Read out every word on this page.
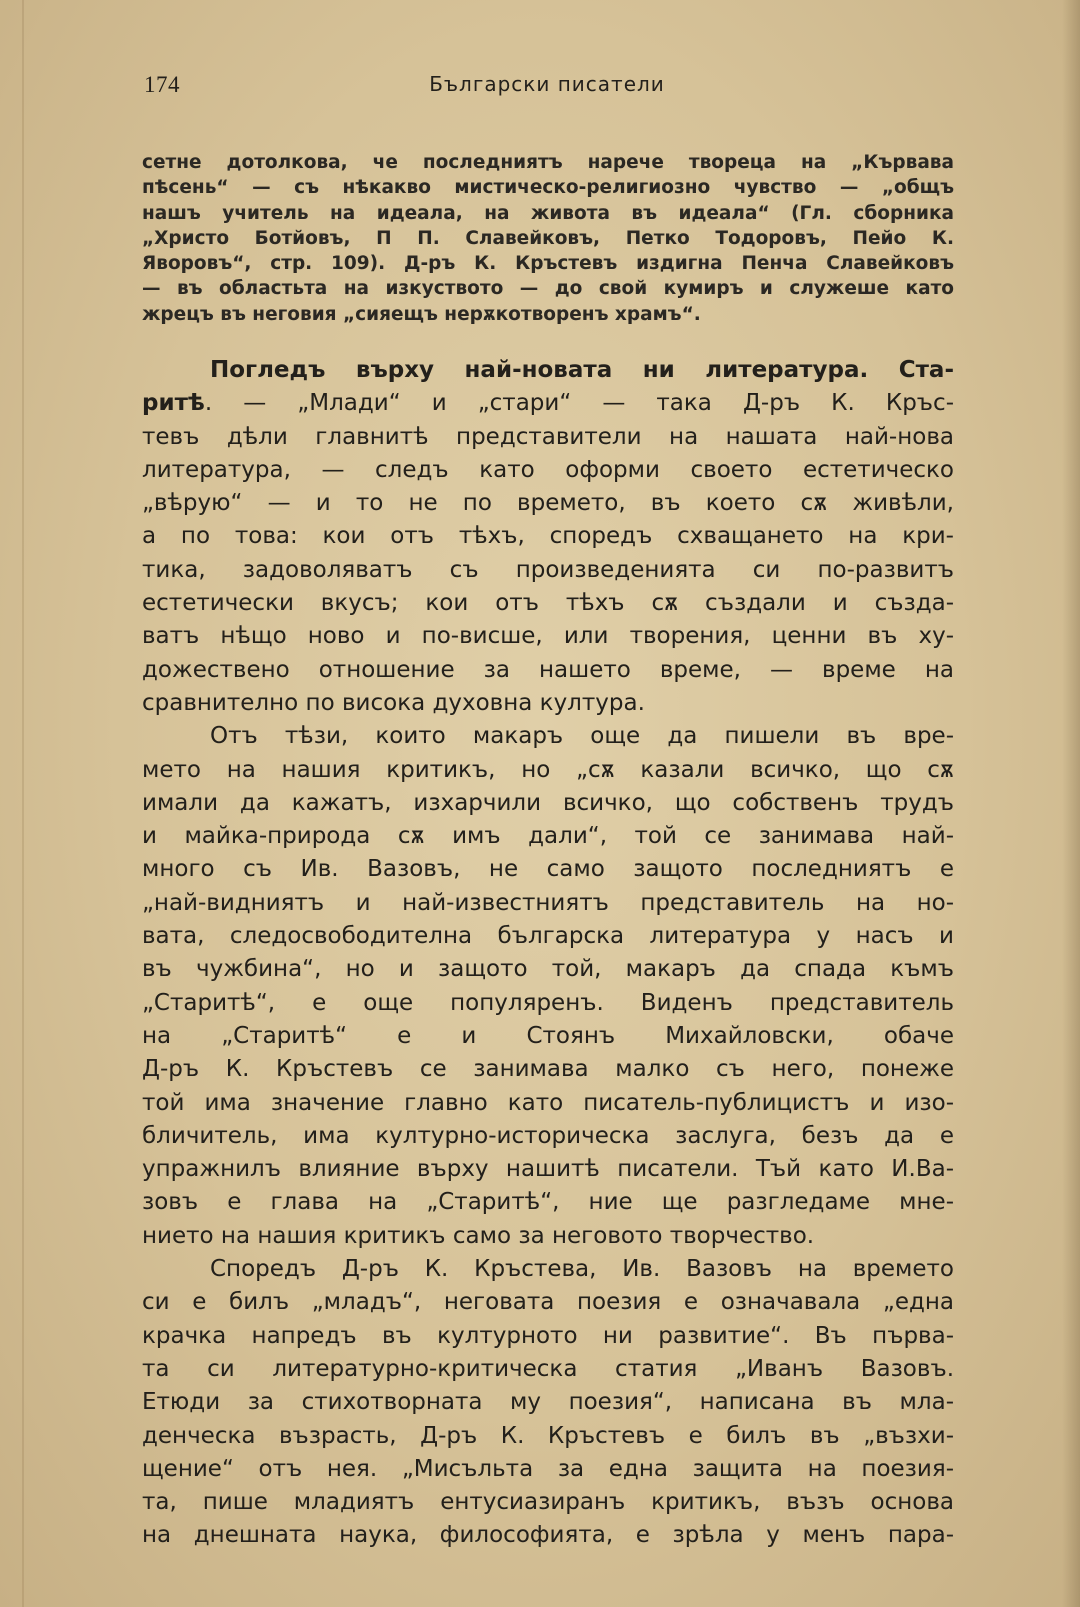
174	Български писатели
сетне дотолкова, че последниятъ нарече твореца на „Кървава
пѣсень“ — съ нѣкакво мистическо-религиозно чувство — „общъ
нашъ учитель на идеала, на живота въ идеала“ (Гл. сборника
„Христо Ботйовъ, П П. Славейковъ, Петко Тодоровъ, Пейо К.
Яворовъ“, стр. 109). Д-ръ К. Кръстевъ издигна Пенча Славейковъ
— въ областьта на изкуството — до свой кумиръ и служеше като
жрецъ въ неговия „сияещъ нерѫкотворенъ храмъ“.
Погледъ върху най-новата ни литература. Ста-
ритѣ. — „Млади“ и „стари“ — така Д-ръ К. Кръс-
тевъ дѣли главнитѣ представители на нашата най-нова
литература, — следъ като оформи своето естетическо
„вѣрую“ — и то не по времето, въ което сѫ живѣли,
а по това: кои отъ тѣхъ, споредъ схващането на кри-
тика, задоволяватъ съ произведенията си по-развитъ
естетически вкусъ; кои отъ тѣхъ сѫ създали и създа-
ватъ нѣщо ново и по-висше, или творения, ценни въ ху-
дожествено отношение за нашето време, — време на
сравнително по висока духовна култура.
Отъ тѣзи, които макаръ още да пишели въ вре-
мето на нашия критикъ, но „сѫ казали всичко, що сѫ
имали да кажатъ, изхарчили всичко, що собственъ трудъ
и майка-природа сѫ имъ дали“, той се занимава най-
много съ Ив. Вазовъ, не само защото последниятъ е
„най-видниятъ и най-известниятъ представитель на но-
вата, следосвободителна българска литература у насъ и
въ чужбина“, но и защото той, макаръ да спада къмъ
„Старитѣ“, е още популяренъ. Виденъ представитель
на „Старитѣ“ е и Стоянъ Михайловски, обаче
Д-ръ К. Кръстевъ се занимава малко съ него, понеже
той има значение главно като писатель-публицистъ и изо-
бличитель, има културно-историческа заслуга, безъ да е
упражнилъ влияние върху нашитѣ писатели. Тъй като И.Ва-
зовъ е глава на „Старитѣ“, ние ще разгледаме мне-
нието на нашия критикъ само за неговото творчество.
Споредъ Д-ръ К. Кръстева, Ив. Вазовъ на времето
си е билъ „младъ“, неговата поезия е означавала „една
крачка напредъ въ културното ни развитие“. Въ първа-
та си литературно-критическа статия „Иванъ Вазовъ.
Етюди за стихотворната му поезия“, написана въ мла-
денческа възрасть, Д-ръ К. Кръстевъ е билъ въ „възхи-
щение“ отъ нея. „Мисъльта за една защита на поезия-
та, пише младиятъ ентусиазиранъ критикъ, възъ основа
на днешната наука, философията, е зрѣла у менъ пара-
